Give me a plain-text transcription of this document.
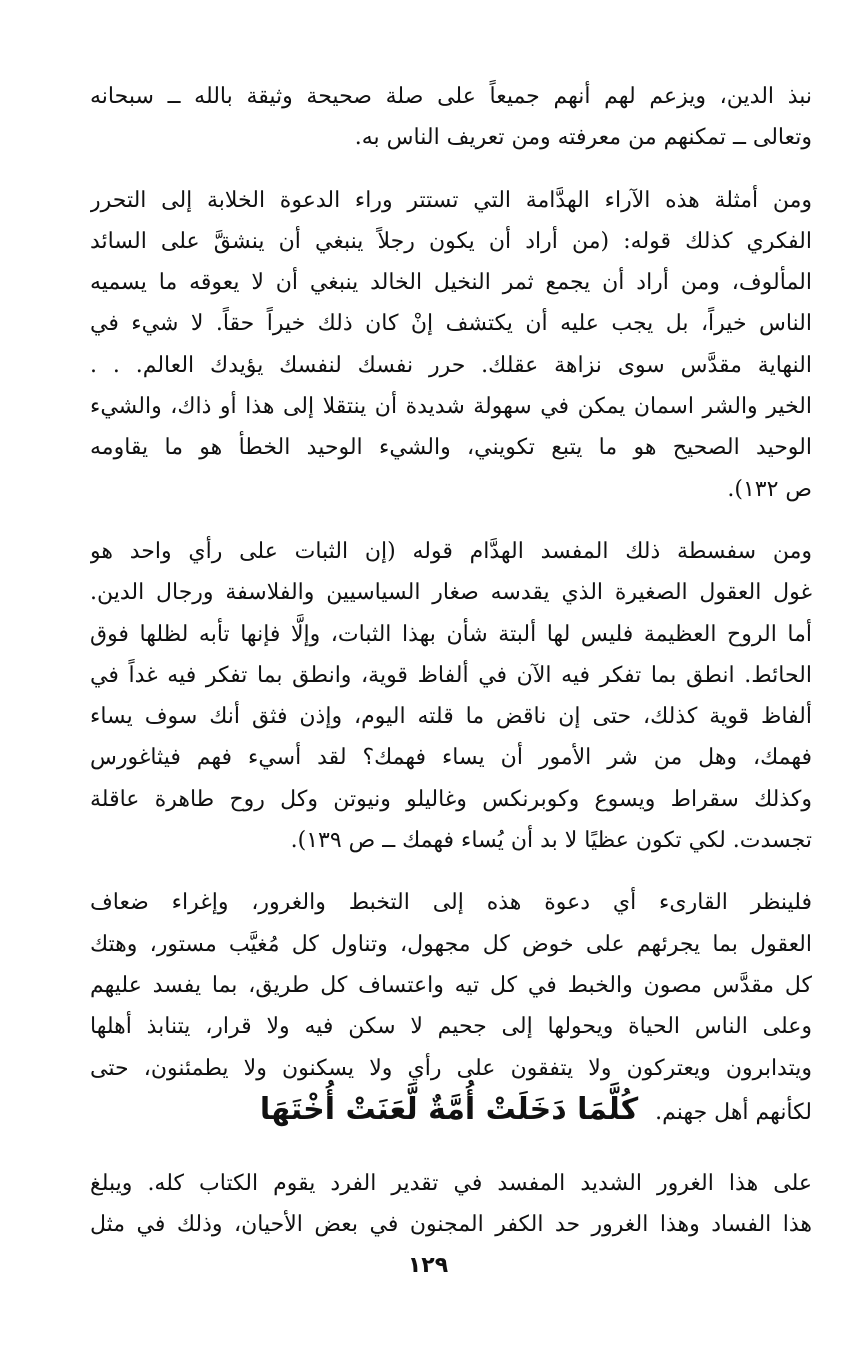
نبذ الدين، ويزعم لهم أنهم جميعاً على صلة صحيحة وثيقة بالله ــ سبحانه
وتعالى ــ تمكنهم من معرفته ومن تعريف الناس به.

ومن أمثلة هذه الآراء الهدَّامة التي تستتر وراء الدعوة الخلابة إلى التحرر
الفكري كذلك قوله: (من أراد أن يكون رجلاً ينبغي أن ينشقَّ على السائد
المألوف، ومن أراد أن يجمع ثمر النخيل الخالد ينبغي أن لا يعوقه ما يسميه
الناس خيراً، بل يجب عليه أن يكتشف إنْ كان ذلك خيراً حقاً. لا شيء في
النهاية مقدَّس سوى نزاهة عقلك. حرر نفسك لنفسك يؤيدك العالم. . .
الخير والشر اسمان يمكن في سهولة شديدة أن ينتقلا إلى هذا أو ذاك، والشيء
الوحيد الصحيح هو ما يتبع تكويني، والشيء الوحيد الخطأ هو ما يقاومه
ص ١٣٢).

ومن سفسطة ذلك المفسد الهدَّام قوله (إن الثبات على رأي واحد هو
غول العقول الصغيرة الذي يقدسه صغار السياسيين والفلاسفة ورجال الدين.
أما الروح العظيمة فليس لها ألبتة شأن بهذا الثبات، وإلَّا فإنها تأبه لظلها فوق
الحائط. انطق بما تفكر فيه الآن في ألفاظ قوية، وانطق بما تفكر فيه غداً في
ألفاظ قوية كذلك، حتى إن ناقض ما قلته اليوم، وإذن فثق أنك سوف يساء
فهمك، وهل من شر الأمور أن يساء فهمك؟ لقد أسيء فهم فيثاغورس
وكذلك سقراط ويسوع وكوبرنكس وغاليلو ونيوتن وكل روح طاهرة عاقلة
تجسدت. لكي تكون عظيًا لا بد أن يُساء فهمك ــ ص ١٣٩).

فلينظر القارىء أي دعوة هذه إلى التخبط والغرور، وإغراء ضعاف
العقول بما يجرئهم على خوض كل مجهول، وتناول كل مُغيَّب مستور، وهتك
كل مقدَّس مصون والخبط في كل تيه واعتساف كل طريق، بما يفسد عليهم
وعلى الناس الحياة ويحولها إلى جحيم لا سكن فيه ولا قرار، يتنابذ أهلها
ويتدابرون ويعتركون ولا يتفقون على رأي ولا يسكنون ولا يطمئنون، حتى
لكأنهم أهل جهنم. كُلَّمَا دَخَلَتْ أُمَّةٌ لَّعَنَتْ أُخْتَهَا

على هذا الغرور الشديد المفسد في تقدير الفرد يقوم الكتاب كله. ويبلغ
هذا الفساد وهذا الغرور حد الكفر المجنون في بعض الأحيان، وذلك في مثل

١٢٩
